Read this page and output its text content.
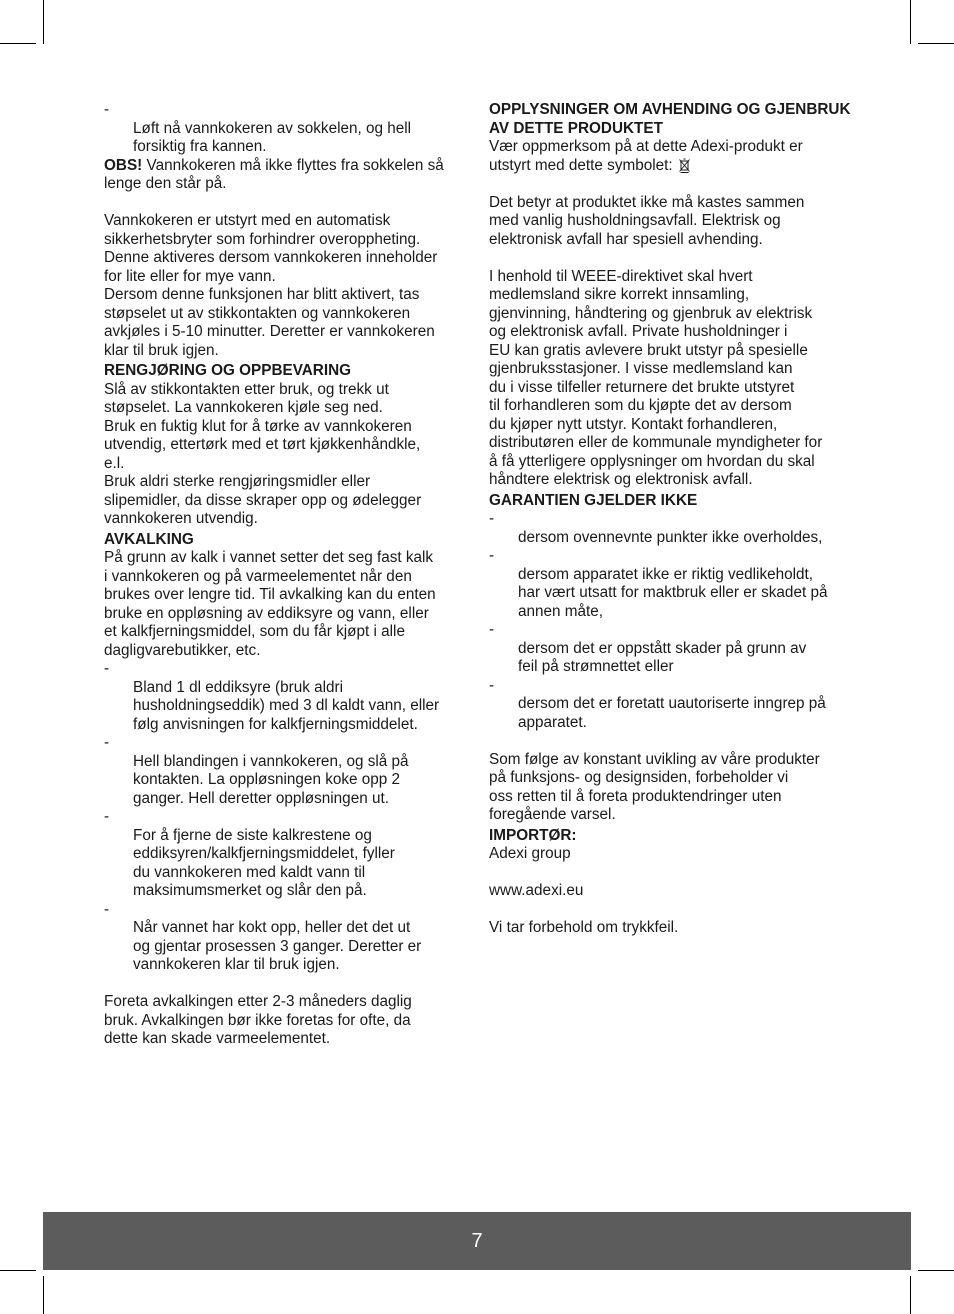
-
Løft nå vannkokeren av sokkelen, og hell
forsiktig fra kannen.

OBS! Vannkokeren må ikke flyttes fra sokkelen så lenge den står på.

Vannkokeren er utstyrt med en automatisk
sikkerhetsbryter som forhindrer overoppheting.
Denne aktiveres dersom vannkokeren inneholder
for lite eller for mye vann.
Dersom denne funksjonen har blitt aktivert, tas
støpselet ut av stikkontakten og vannkokeren
avkjøles i 5-10 minutter. Deretter er vannkokeren
klar til bruk igjen.

RENGJØRING OG OPPBEVARING

Slå av stikkontakten etter bruk, og trekk ut
støpselet. La vannkokeren kjøle seg ned.
Bruk en fuktig klut for å tørke av vannkokeren
utvendig, ettertørk med et tørt kjøkkenhåndkle,
e.l.
Bruk aldri sterke rengjøringsmidler eller
slipemidler, da disse skraper opp og ødelegger
vannkokeren utvendig.

AVKALKING

På grunn av kalk i vannet setter det seg fast kalk
i vannkokeren og på varmeelementet når den
brukes over lengre tid. Til avkalking kan du enten
bruke en oppløsning av eddiksyre og vann, eller
et kalkfjerningsmiddel, som du får kjøpt i alle
dagligvarebutikker, etc.

-
Bland 1 dl eddiksyre (bruk aldri
husholdningseddik) med 3 dl kaldt vann, eller
følg anvisningen for kalkfjerningsmiddelet.

-
Hell blandingen i vannkokeren, og slå på
kontakten. La oppløsningen koke opp 2
ganger. Hell deretter oppløsningen ut.

-
For å fjerne de siste kalkrestene og
eddiksyren/kalkfjerningsmiddelet, fyller
du vannkokeren med kaldt vann til
maksimumsmerket og slår den på.

-
Når vannet har kokt opp, heller det det ut
og gjentar prosessen 3 ganger. Deretter er
vannkokeren klar til bruk igjen.

Foreta avkalkingen etter 2-3 måneders daglig
bruk. Avkalkingen bør ikke foretas for ofte, da
dette kan skade varmeelementet.

OPPLYSNINGER OM AVHENDING OG GJENBRUK AV DETTE PRODUKTET

Vær oppmerksom på at dette Adexi-produkt er
utstyrt med dette symbolet:

Det betyr at produktet ikke må kastes sammen
med vanlig husholdningsavfall. Elektrisk og
elektronisk avfall har spesiell avhending.

I henhold til WEEE-direktivet skal hvert
medlemsland sikre korrekt innsamling,
gjenvinning, håndtering og gjenbruk av elektrisk
og elektronisk avfall. Private husholdninger i
EU kan gratis avlevere brukt utstyr på spesielle
gjenbruksstasjoner. I visse medlemsland kan
du i visse tilfeller returnere det brukte utstyret
til forhandleren som du kjøpte det av dersom
du kjøper nytt utstyr. Kontakt forhandleren,
distributøren eller de kommunale myndigheter for
å få ytterligere opplysninger om hvordan du skal
håndtere elektrisk og elektronisk avfall.

GARANTIEN GJELDER IKKE

-
dersom ovennevnte punkter ikke overholdes,

-
dersom apparatet ikke er riktig vedlikeholdt,
har vært utsatt for maktbruk eller er skadet på
annen måte,

-
dersom det er oppstått skader på grunn av
feil på strømnettet eller

-
dersom det er foretatt uautoriserte inngrep på
apparatet.

Som følge av konstant uvikling av våre produkter
på funksjons- og designsiden, forbeholder vi
oss retten til å foreta produktendringer uten
foregående varsel.

IMPORTØR:

Adexi group

www.adexi.eu

Vi tar forbehold om trykkfeil.

7
